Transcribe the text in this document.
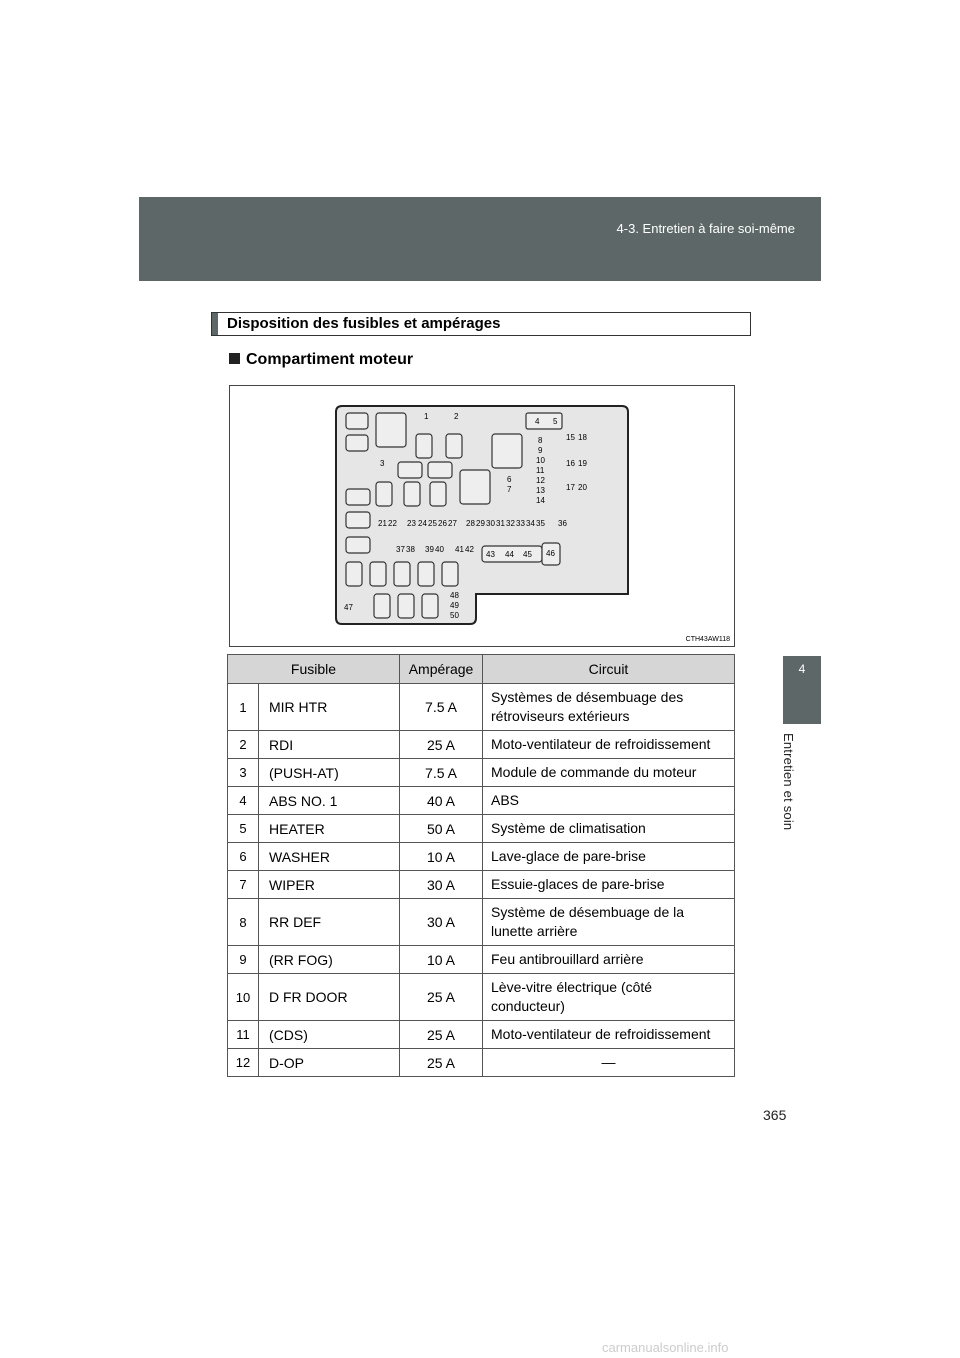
4-3. Entretien à faire soi-même
4
Entretien et soin
Disposition des fusibles et ampérages
Compartiment moteur
1	2
3
4 5
6
7
8
9
10
11
12
13
14
15
16
17
18
19
20
21 22 23 24 25 26 27 28 29 30 31 32 33 34 35 36
37 38 39 40 41 42
43 44 45 46
47
48
49
50
CTH43AW118
Fusible		Ampérage	Circuit
1	MIR HTR	7.5 A	Systèmes de désembuage des
rétroviseurs extérieurs
2	RDI	25 A	Moto-ventilateur de refroidissement
3	(PUSH-AT)	7.5 A	Module de commande du moteur
4	ABS NO. 1	40 A	ABS
5	HEATER	50 A	Système de climatisation
6	WASHER	10 A	Lave-glace de pare-brise
7	WIPER	30 A	Essuie-glaces de pare-brise
8	RR DEF	30 A	Système de désembuage de la
lunette arrière
9	(RR FOG)	10 A	Feu antibrouillard arrière
10	D FR DOOR	25 A	Lève-vitre électrique (côté
conducteur)
11	(CDS)	25 A	Moto-ventilateur de refroidissement
12	D-OP	25 A	—
365
carmanualsonline.info
